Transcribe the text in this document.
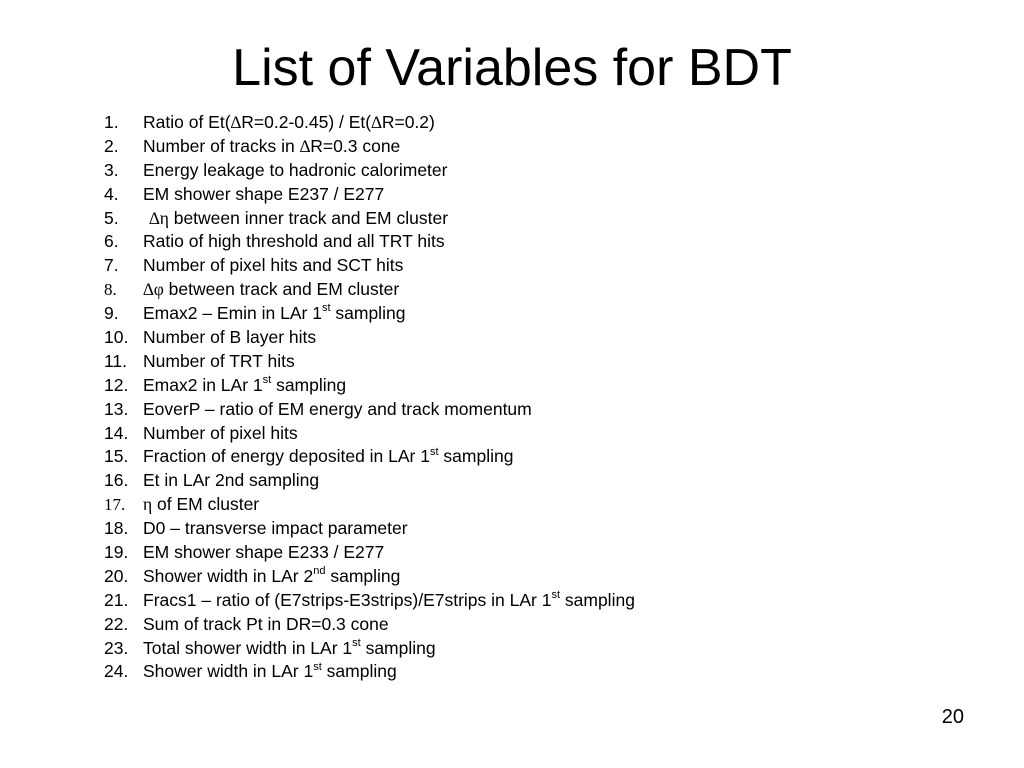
List of Variables for BDT
1.	Ratio of Et(∆R=0.2-0.45) / Et(∆R=0.2)
2.	Number of tracks in ∆R=0.3 cone
3.	Energy leakage to hadronic calorimeter
4.	EM shower shape E237 / E277
5.	∆η between inner track and EM cluster
6.	Ratio of high threshold and all TRT hits
7.	Number of pixel hits and SCT hits
8.	∆φ between track and EM cluster
9.	Emax2 – Emin in LAr 1st sampling
10. Number of B layer hits
11. Number of TRT hits
12. Emax2 in LAr 1st sampling
13. EoverP – ratio of EM energy and track momentum
14. Number of pixel hits
15. Fraction of energy deposited in LAr 1st sampling
16. Et in LAr 2nd sampling
17.	η of EM cluster
18. D0 – transverse impact parameter
19. EM shower shape E233 / E277
20. Shower width in LAr 2nd sampling
21. Fracs1 – ratio of (E7strips-E3strips)/E7strips in LAr 1st sampling
22. Sum of track Pt in DR=0.3 cone
23. Total shower width in LAr 1st sampling
24. Shower width in LAr 1st sampling
20
